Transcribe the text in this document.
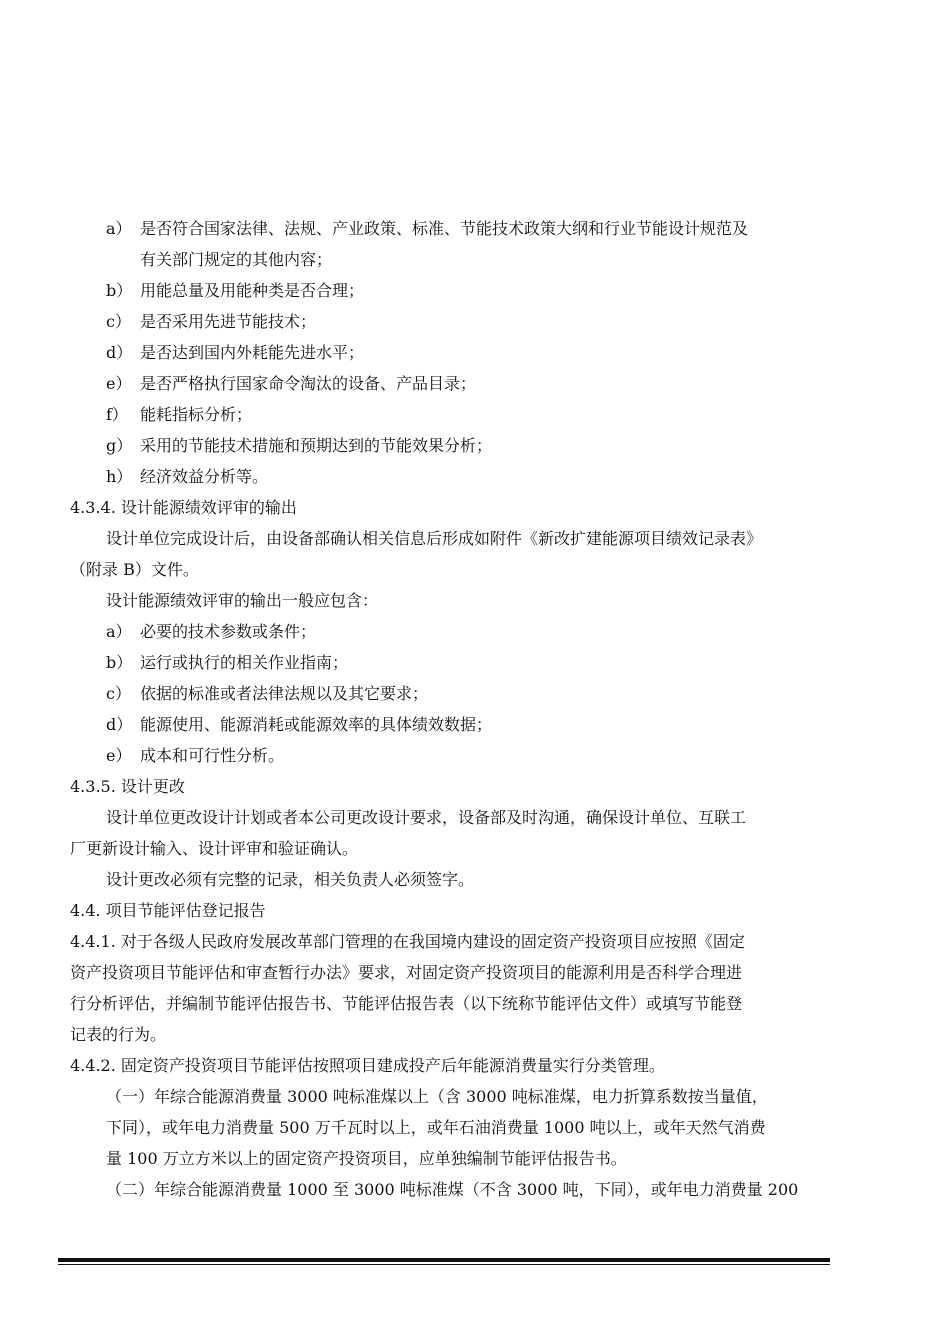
a） 是否符合国家法律、法规、产业政策、标准、节能技术政策大纲和行业节能设计规范及
有关部门规定的其他内容；
b） 用能总量及用能种类是否合理；
c） 是否采用先进节能技术；
d） 是否达到国内外耗能先进水平；
e） 是否严格执行国家命令淘汰的设备、产品目录；
f） 能耗指标分析；
g） 采用的节能技术措施和预期达到的节能效果分析；
h） 经济效益分析等。
4.3.4. 设计能源绩效评审的输出
设计单位完成设计后，由设备部确认相关信息后形成如附件《新改扩建能源项目绩效记录表》
（附录 B）文件。
设计能源绩效评审的输出一般应包含：
a） 必要的技术参数或条件；
b） 运行或执行的相关作业指南；
c） 依据的标准或者法律法规以及其它要求；
d） 能源使用、能源消耗或能源效率的具体绩效数据；
e） 成本和可行性分析。
4.3.5. 设计更改
设计单位更改设计计划或者本公司更改设计要求，设备部及时沟通，确保设计单位、互联工
厂更新设计输入、设计评审和验证确认。
设计更改必须有完整的记录，相关负责人必须签字。
4.4. 项目节能评估登记报告
4.4.1. 对于各级人民政府发展改革部门管理的在我国境内建设的固定资产投资项目应按照《固定
资产投资项目节能评估和审查暂行办法》要求，对固定资产投资项目的能源利用是否科学合理进
行分析评估，并编制节能评估报告书、节能评估报告表（以下统称节能评估文件）或填写节能登
记表的行为。
4.4.2. 固定资产投资项目节能评估按照项目建成投产后年能源消费量实行分类管理。
（一）年综合能源消费量 3000 吨标准煤以上（含 3000 吨标准煤，电力折算系数按当量值，
下同），或年电力消费量 500 万千瓦时以上，或年石油消费量 1000 吨以上，或年天然气消费
量 100 万立方米以上的固定资产投资项目，应单独编制节能评估报告书。
（二）年综合能源消费量 1000 至 3000 吨标准煤（不含 3000 吨，下同），或年电力消费量 200
